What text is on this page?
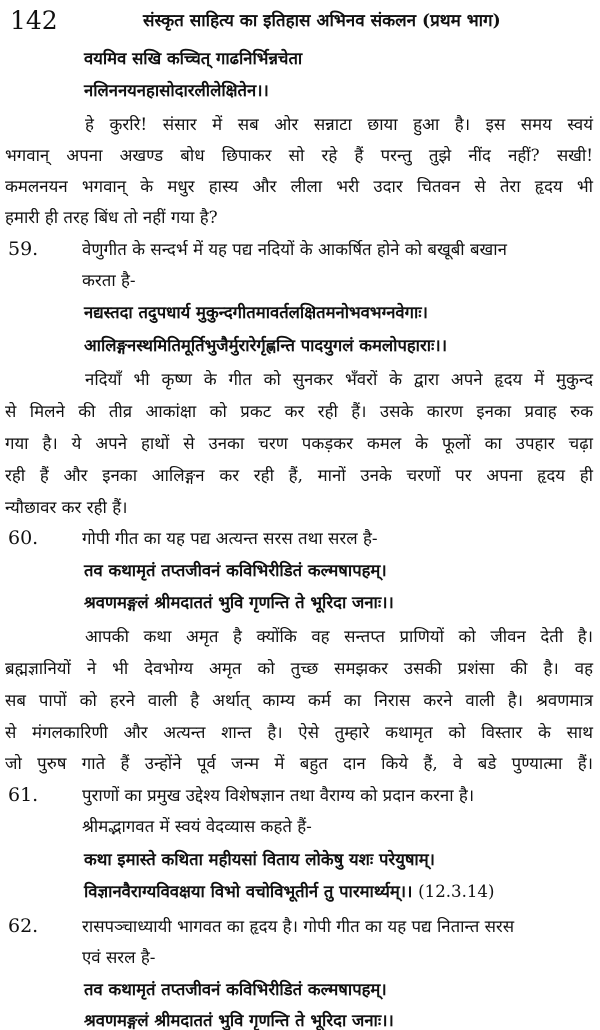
142	संस्कृत साहित्य का इतिहास अभिनव संकलन (प्रथम भाग)
वयमिव सखि कच्चित् गाढनिर्भिन्नचेता
नलिननयनहासोदारलीलेक्षितेन।।
हे कुररि! संसार में सब ओर सन्नाटा छाया हुआ है। इस समय स्वयं
भगवान् अपना अखण्ड बोध छिपाकर सो रहे हैं परन्तु तुझे नींद नहीं? सखी!
कमलनयन भगवान् के मधुर हास्य और लीला भरी उदार चितवन से तेरा हृदय भी
हमारी ही तरह बिंध तो नहीं गया है?
59.	वेणुगीत के सन्दर्भ में यह पद्य नदियों के आकर्षित होने को बखूबी बखान
करता है-
नद्यस्तदा तदुपधार्य मुकुन्दगीतमावर्तलक्षितमनोभवभग्नवेगाः।
आलिङ्गनस्थमितिमूर्तिभुजैर्मुरारेर्गृह्णन्ति पादयुगलं कमलोपहाराः।।
नदियाँ भी कृष्ण के गीत को सुनकर भँवरों के द्वारा अपने हृदय में मुकुन्द
से मिलने की तीव्र आकांक्षा को प्रकट कर रही हैं। उसके कारण इनका प्रवाह रुक
गया है। ये अपने हाथों से उनका चरण पकड़कर कमल के फूलों का उपहार चढ़ा
रही हैं और इनका आलिङ्गन कर रही हैं, मानों उनके चरणों पर अपना हृदय ही
न्यौछावर कर रही हैं।
60.	गोपी गीत का यह पद्य अत्यन्त सरस तथा सरल है-
तव कथामृतं तप्तजीवनं कविभिरीडितं कल्मषापहम्।
श्रवणमङ्गलं श्रीमदाततं भुवि गृणन्ति ते भूरिदा जनाः।।
आपकी कथा अमृत है क्योंकि वह सन्तप्त प्राणियों को जीवन देती है।
ब्रह्मज्ञानियों ने भी देवभोग्य अमृत को तुच्छ समझकर उसकी प्रशंसा की है। वह
सब पापों को हरने वाली है अर्थात् काम्य कर्म का निरास करने वाली है। श्रवणमात्र
से मंगलकारिणी और अत्यन्त शान्त है। ऐसे तुम्हारे कथामृत को विस्तार के साथ
जो पुरुष गाते हैं उन्होंने पूर्व जन्म में बहुत दान किये हैं, वे बडे पुण्यात्मा हैं।
61.	पुराणों का प्रमुख उद्देश्य विशेषज्ञान तथा वैराग्य को प्रदान करना है।
श्रीमद्भागवत में स्वयं वेदव्यास कहते हैं-
कथा इमास्ते कथिता महीयसां विताय लोकेषु यशः परेयुषाम्।
विज्ञानवैराग्यविवक्षया विभो वचोविभूतीर्न तु पारमार्थ्यम्।। (12.3.14)
62.	रासपञ्चाध्यायी भागवत का हृदय है। गोपी गीत का यह पद्य नितान्त सरस
एवं सरल है-
तव कथामृतं तप्तजीवनं कविभिरीडितं कल्मषापहम्।
श्रवणमङ्गलं श्रीमदाततं भुवि गृणन्ति ते भूरिदा जनाः।।
